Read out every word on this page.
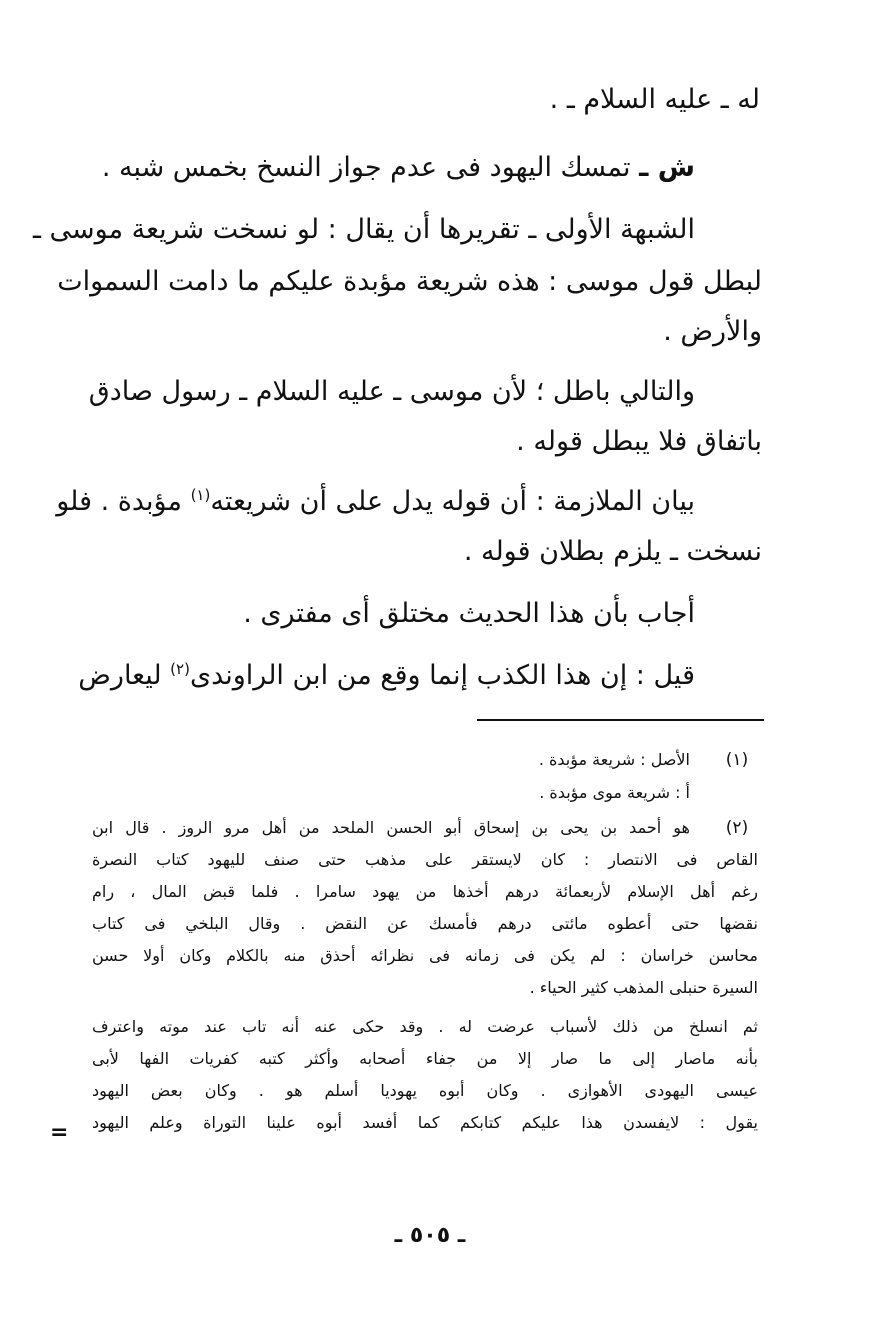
له ـ عليه السلام ـ .
ش ـ تمسك اليهود فى عدم جواز النسخ بخمس شبه .
الشبهة الأولى ـ تقريرها أن يقال : لو نسخت شريعة موسى ـ
لبطل قول موسى : هذه شريعة مؤبدة عليكم ما دامت السموات
والأرض .
والتالي باطل ؛ لأن موسى ـ عليه السلام ـ رسول صادق
باتفاق فلا يبطل قوله .
بيان الملازمة : أن قوله يدل على أن شريعته$^{(١)}$ مؤبدة . فلو
نسخت ـ يلزم بطلان قوله .
أجاب بأن هذا الحديث مختلق أى مفترى .
قيل : إن هذا الكذب إنما وقع من ابن الراوندى$^{(٢)}$ ليعارض
(١)
الأصل : شريعة مؤبدة .
أ : شريعة موى مؤبدة .
(٢)
هو أحمد بن يحى بن إسحاق أبو الحسن الملحد من أهل مرو الروز . قال ابن
القاص فى الانتصار : كان لايستقر على مذهب حتى صنف لليهود كتاب النصرة
رغم أهل الإسلام لأربعمائة درهم أخذها من يهود سامرا . فلما قبض المال ، رام
نقضها حتى أعطوه مائتى درهم فأمسك عن النقض . وقال البلخي فى كتاب
محاسن خراسان : لم يكن فى زمانه فى نظرائه أحذق منه بالكلام وكان أولا حسن
السيرة حنبلى المذهب كثير الحياء .
ثم انسلخ من ذلك لأسباب عرضت له . وقد حكى عنه أنه تاب عند موته واعترف
بأنه ماصار إلى ما صار إلا من جفاء أصحابه وأكثر كتبه كفريات الفها لأبى
عيسى اليهودى الأهوازى . وكان أبوه يهوديا أسلم هو . وكان بعض اليهود
يقول : لايفسدن هذا عليكم كتابكم كما أفسد أبوه علينا التوراة وعلم اليهود
=
ـ ٥٠٥ ـ
